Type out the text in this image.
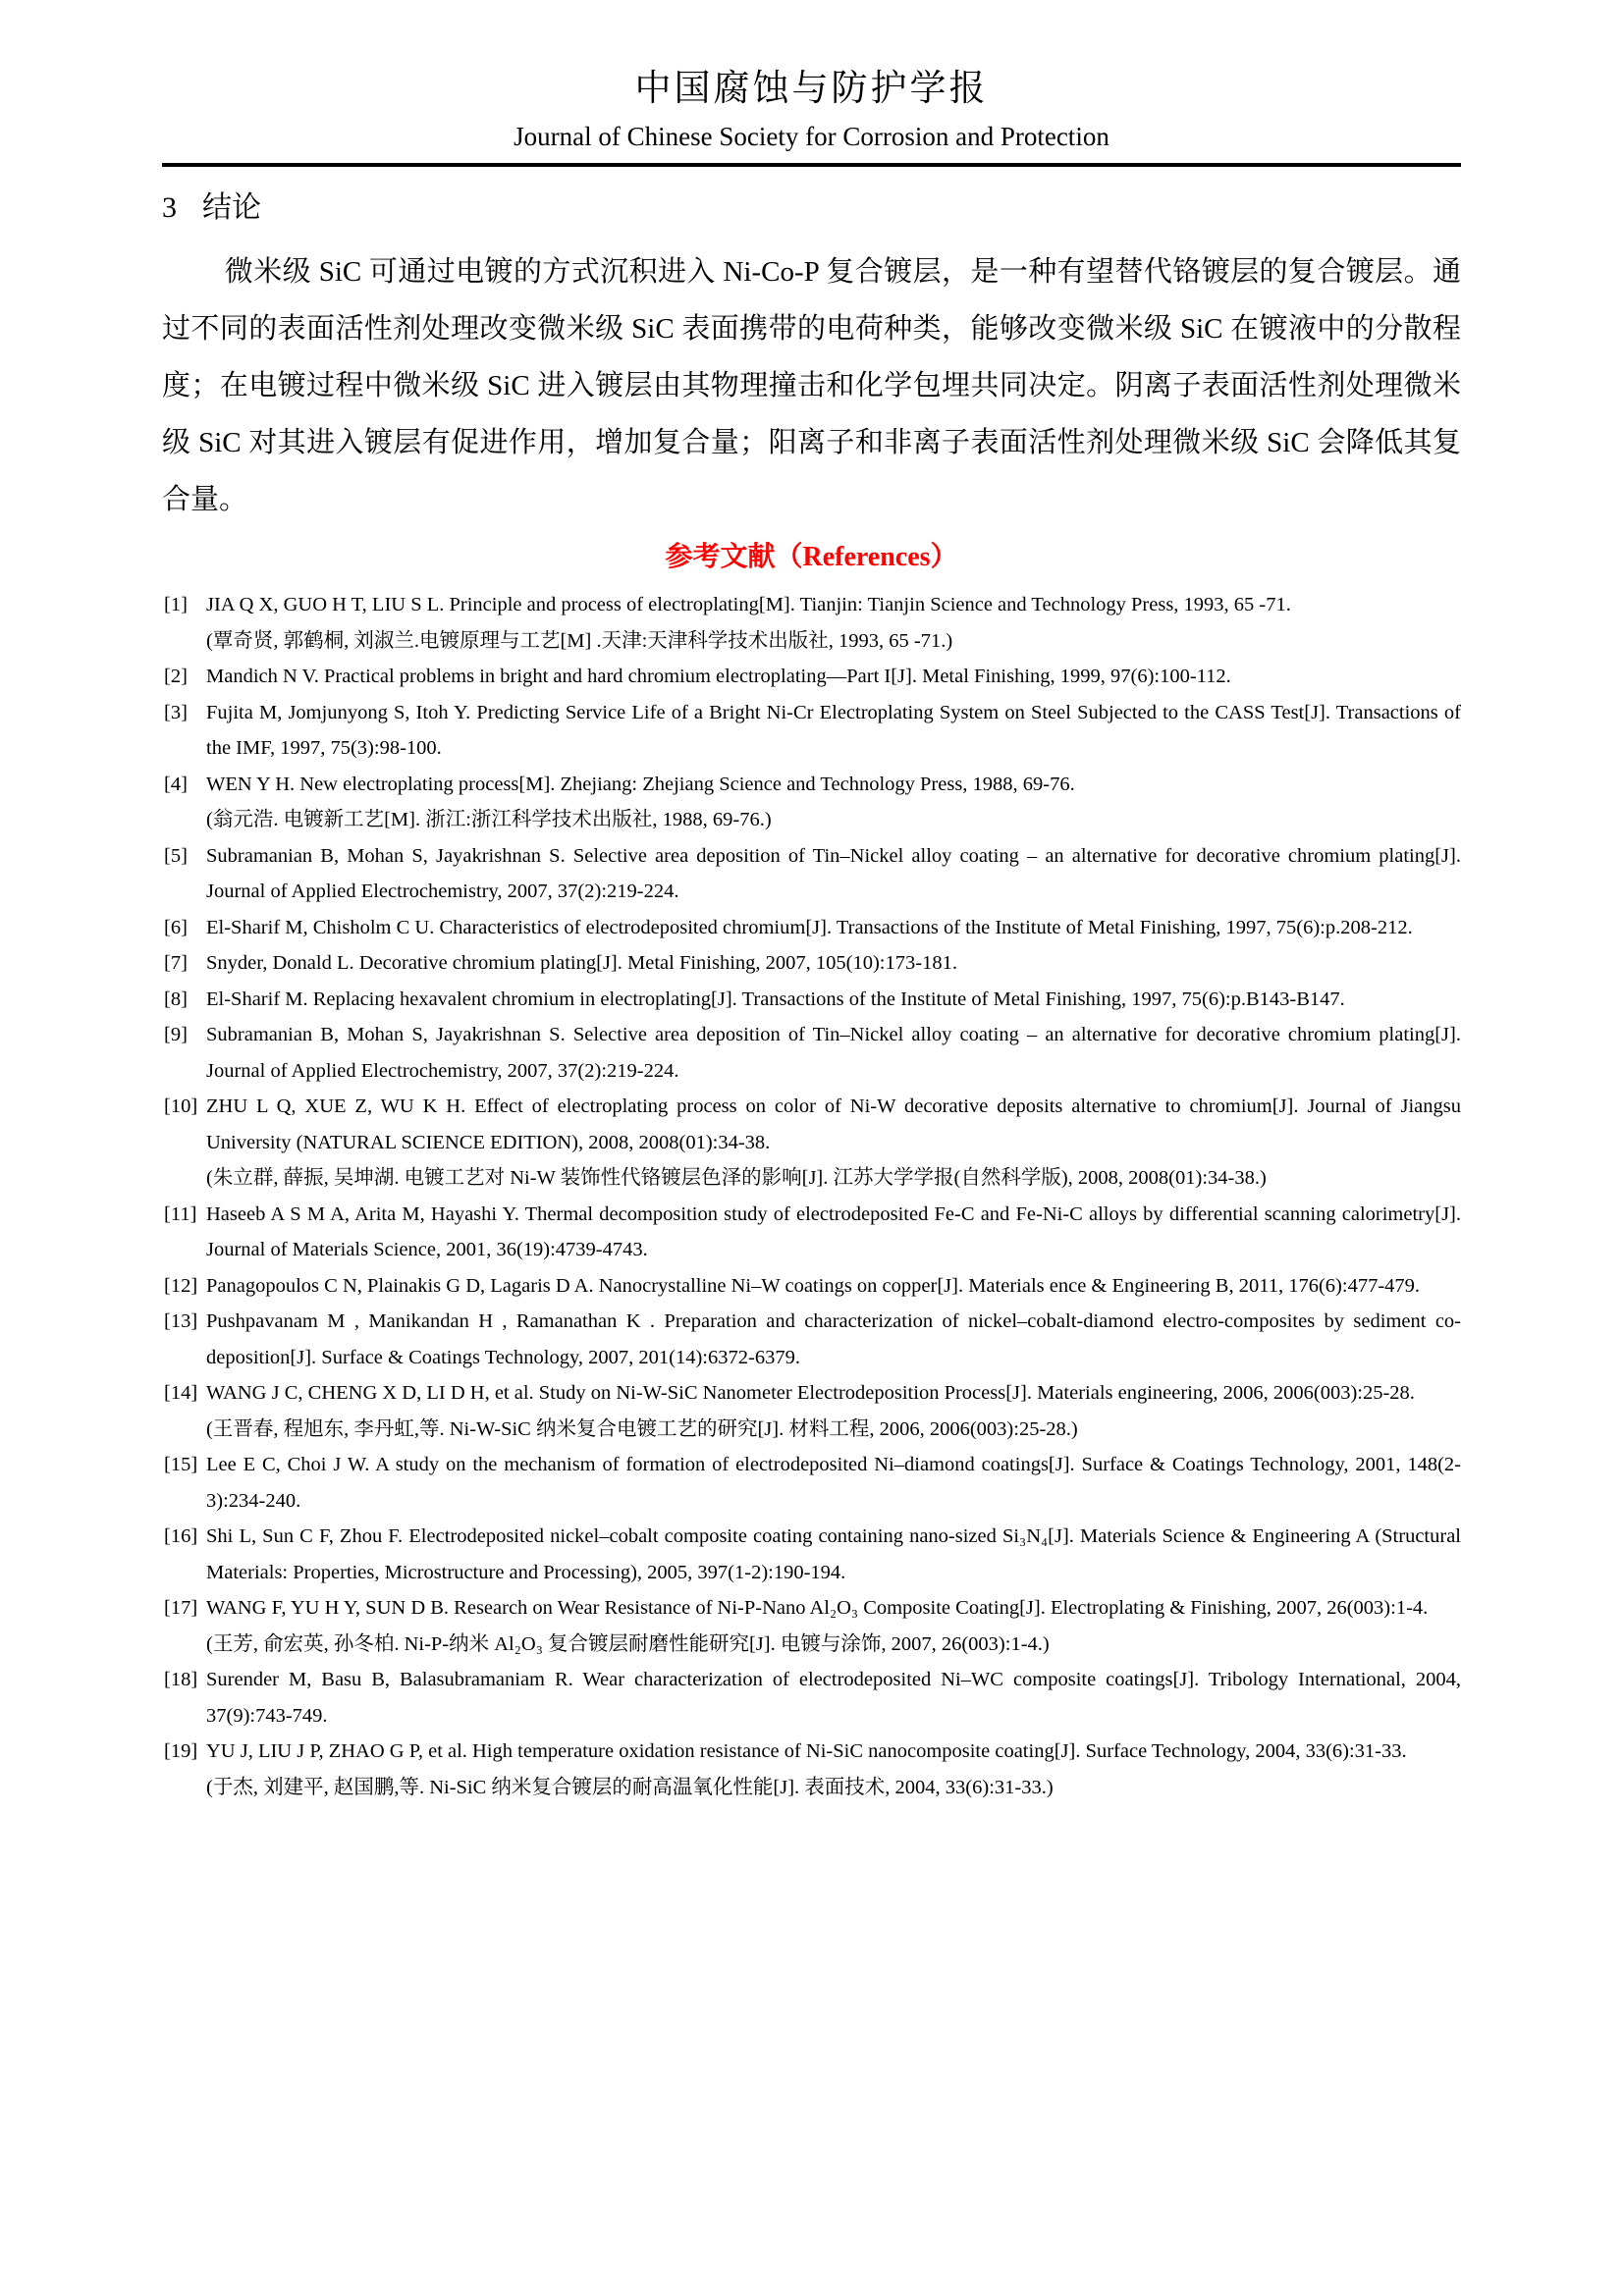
中国腐蚀与防护学报
Journal of Chinese Society for Corrosion and Protection
3 结论
微米级 SiC 可通过电镀的方式沉积进入 Ni-Co-P 复合镀层，是一种有望替代铬镀层的复合镀层。通过不同的表面活性剂处理改变微米级 SiC 表面携带的电荷种类，能够改变微米级 SiC 在镀液中的分散程度；在电镀过程中微米级 SiC 进入镀层由其物理撞击和化学包埋共同决定。阴离子表面活性剂处理微米级 SiC 对其进入镀层有促进作用，增加复合量；阳离子和非离子表面活性剂处理微米级 SiC 会降低其复合量。
参考文献（References）
[1] JIA Q X, GUO H T, LIU S L. Principle and process of electroplating[M]. Tianjin: Tianjin Science and Technology Press, 1993, 65 -71.
(覃奇贤, 郭鹤桐, 刘淑兰.电镀原理与工艺[M] .天津:天津科学技术出版社, 1993, 65 -71.)
[2] Mandich N V. Practical problems in bright and hard chromium electroplating—Part I[J]. Metal Finishing, 1999, 97(6):100-112.
[3] Fujita M, Jomjunyong S, Itoh Y. Predicting Service Life of a Bright Ni-Cr Electroplating System on Steel Subjected to the CASS Test[J]. Transactions of the IMF, 1997, 75(3):98-100.
[4] WEN Y H. New electroplating process[M]. Zhejiang: Zhejiang Science and Technology Press, 1988, 69-76.
(翁元浩. 电镀新工艺[M]. 浙江:浙江科学技术出版社, 1988, 69-76.)
[5] Subramanian B, Mohan S, Jayakrishnan S. Selective area deposition of Tin–Nickel alloy coating – an alternative for decorative chromium plating[J]. Journal of Applied Electrochemistry, 2007, 37(2):219-224.
[6] El-Sharif M, Chisholm C U. Characteristics of electrodeposited chromium[J]. Transactions of the Institute of Metal Finishing, 1997, 75(6):p.208-212.
[7] Snyder, Donald L. Decorative chromium plating[J]. Metal Finishing, 2007, 105(10):173-181.
[8] El-Sharif M. Replacing hexavalent chromium in electroplating[J]. Transactions of the Institute of Metal Finishing, 1997, 75(6):p.B143-B147.
[9] Subramanian B, Mohan S, Jayakrishnan S. Selective area deposition of Tin–Nickel alloy coating – an alternative for decorative chromium plating[J]. Journal of Applied Electrochemistry, 2007, 37(2):219-224.
[10] ZHU L Q, XUE Z, WU K H. Effect of electroplating process on color of Ni-W decorative deposits alternative to chromium[J]. Journal of Jiangsu University (NATURAL SCIENCE EDITION), 2008, 2008(01):34-38.
(朱立群, 薛振, 吴坤湖. 电镀工艺对 Ni-W 装饰性代铬镀层色泽的影响[J]. 江苏大学学报(自然科学版), 2008, 2008(01):34-38.)
[11] Haseeb A S M A, Arita M, Hayashi Y. Thermal decomposition study of electrodeposited Fe-C and Fe-Ni-C alloys by differential scanning calorimetry[J]. Journal of Materials Science, 2001, 36(19):4739-4743.
[12] Panagopoulos C N, Plainakis G D, Lagaris D A. Nanocrystalline Ni–W coatings on copper[J]. Materials ence & Engineering B, 2011, 176(6):477-479.
[13] Pushpavanam M , Manikandan H , Ramanathan K . Preparation and characterization of nickel–cobalt-diamond electro-composites by sediment co-deposition[J]. Surface & Coatings Technology, 2007, 201(14):6372-6379.
[14] WANG J C, CHENG X D, LI D H, et al. Study on Ni-W-SiC Nanometer Electrodeposition Process[J]. Materials engineering, 2006, 2006(003):25-28.
(王晋春, 程旭东, 李丹虹,等. Ni-W-SiC 纳米复合电镀工艺的研究[J]. 材料工程, 2006, 2006(003):25-28.)
[15] Lee E C, Choi J W. A study on the mechanism of formation of electrodeposited Ni–diamond coatings[J]. Surface & Coatings Technology, 2001, 148(2-3):234-240.
[16] Shi L, Sun C F, Zhou F. Electrodeposited nickel–cobalt composite coating containing nano-sized Si₃N₄[J]. Materials Science & Engineering A (Structural Materials: Properties, Microstructure and Processing), 2005, 397(1-2):190-194.
[17] WANG F, YU H Y, SUN D B. Research on Wear Resistance of Ni-P-Nano Al₂O₃ Composite Coating[J]. Electroplating & Finishing, 2007, 26(003):1-4.
(王芳, 俞宏英, 孙冬柏. Ni-P-纳米 Al₂O₃ 复合镀层耐磨性能研究[J]. 电镀与涂饰, 2007, 26(003):1-4.)
[18] Surender M, Basu B, Balasubramaniam R. Wear characterization of electrodeposited Ni–WC composite coatings[J]. Tribology International, 2004, 37(9):743-749.
[19] YU J, LIU J P, ZHAO G P, et al. High temperature oxidation resistance of Ni-SiC nanocomposite coating[J]. Surface Technology, 2004, 33(6):31-33.
(于杰, 刘建平, 赵国鹏,等. Ni-SiC 纳米复合镀层的耐高温氧化性能[J]. 表面技术, 2004, 33(6):31-33.)
